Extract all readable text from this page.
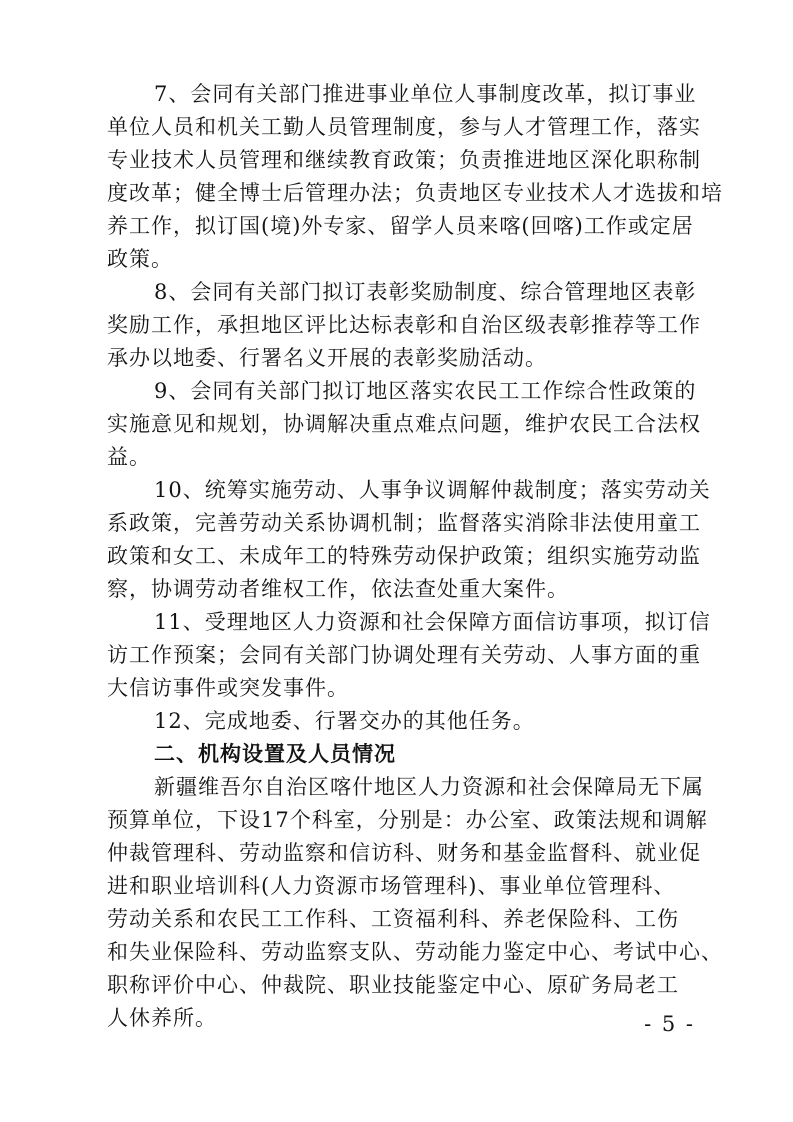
7、会同有关部门推进事业单位人事制度改革，拟订事业
单位人员和机关工勤人员管理制度，参与人才管理工作，落实
专业技术人员管理和继续教育政策；负责推进地区深化职称制
度改革；健全博士后管理办法；负责地区专业技术人才选拔和培
养工作，拟订国(境)外专家、留学人员来喀(回喀)工作或定居
政策。
8、会同有关部门拟订表彰奖励制度、综合管理地区表彰
奖励工作，承担地区评比达标表彰和自治区级表彰推荐等工作
承办以地委、行署名义开展的表彰奖励活动。
9、会同有关部门拟订地区落实农民工工作综合性政策的
实施意见和规划，协调解决重点难点问题，维护农民工合法权
益。
10、统筹实施劳动、人事争议调解仲裁制度；落实劳动关
系政策，完善劳动关系协调机制；监督落实消除非法使用童工
政策和女工、未成年工的特殊劳动保护政策；组织实施劳动监
察，协调劳动者维权工作，依法查处重大案件。
11、受理地区人力资源和社会保障方面信访事项，拟订信
访工作预案；会同有关部门协调处理有关劳动、人事方面的重
大信访事件或突发事件。
12、完成地委、行署交办的其他任务。
二、机构设置及人员情况
新疆维吾尔自治区喀什地区人力资源和社会保障局无下属
预算单位，下设17个科室，分别是：办公室、政策法规和调解
仲裁管理科、劳动监察和信访科、财务和基金监督科、就业促
进和职业培训科(人力资源市场管理科)、事业单位管理科、
劳动关系和农民工工作科、工资福利科、养老保险科、工伤
和失业保险科、劳动监察支队、劳动能力鉴定中心、考试中心、
职称评价中心、仲裁院、职业技能鉴定中心、原矿务局老工
人休养所。	- 5 -
